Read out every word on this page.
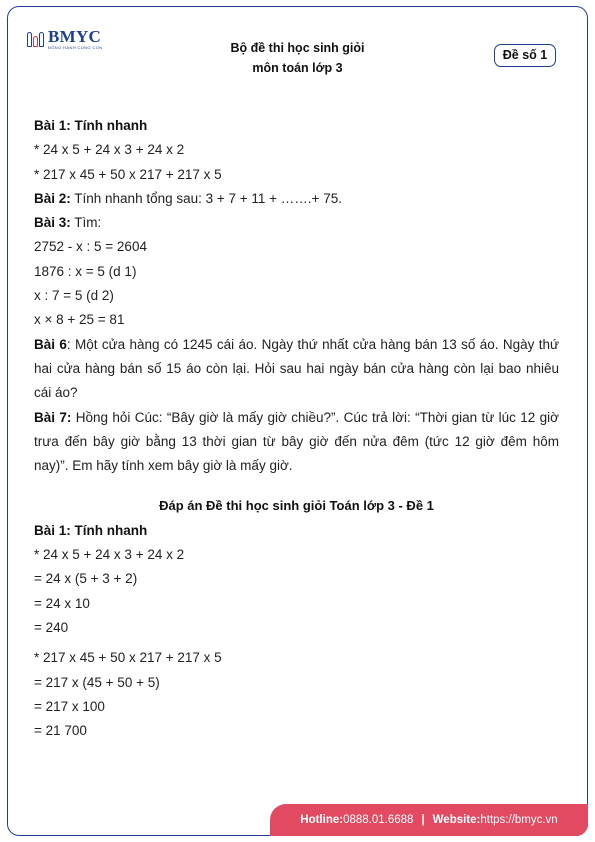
BMYC
ĐỒNG HÀNH CÙNG CON	Bộ đề thi học sinh giỏi
môn toán lớp 3
Đề số 1
Bài 1: Tính nhanh
* 24 x 5 + 24 x 3 + 24 x 2
* 217 x 45 + 50 x 217 + 217 x 5
Bài 2: Tính nhanh tổng sau: 3 + 7 + 11 + …….+ 75.
Bài 3: Tìm:
2752 - x : 5 = 2604
1876 : x = 5 (d 1)
x : 7 = 5 (d 2)
x × 8 + 25 = 81
Bài 6: Một cửa hàng có 1245 cái áo. Ngày thứ nhất cửa hàng bán 13 số áo. Ngày thứ hai cửa hàng bán số 15 áo còn lại. Hỏi sau hai ngày bán cửa hàng còn lại bao nhiêu cái áo?
Bài 7: Hồng hỏi Cúc: “Bây giờ là mấy giờ chiều?”. Cúc trả lời: “Thời gian từ lúc 12 giờ trưa đến bây giờ bằng 13 thời gian từ bây giờ đến nửa đêm (tức 12 giờ đêm hôm nay)”. Em hãy tính xem bây giờ là mấy giờ.
Đáp án Đề thi học sinh giỏi Toán lớp 3 - Đề 1
Bài 1: Tính nhanh
* 24 x 5 + 24 x 3 + 24 x 2
= 24 x (5 + 3 + 2)
= 24 x 10
= 240
* 217 x 45 + 50 x 217 + 217 x 5
= 217 x (45 + 50 + 5)
= 217 x 100
= 21 700
Hotline: 0888.01.6688 | Website: https://bmyc.vn
